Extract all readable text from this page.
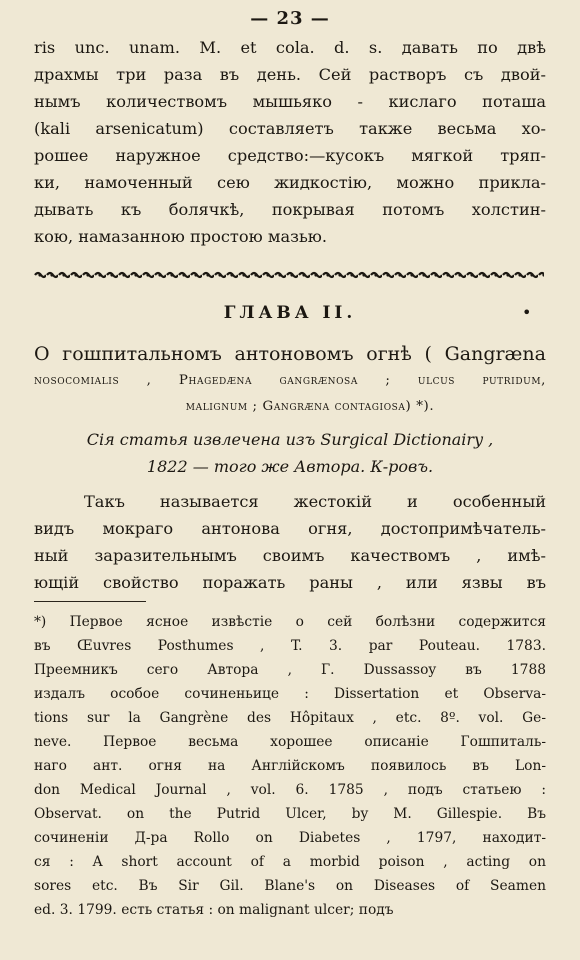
— 23 —
ris unc. unam. M. et cola. d. s. давать по двѣ
драхмы три раза въ день. Сей растворъ съ двой-
нымъ количествомъ мышьяко - кислаго поташа
(kali arsenicatum) составляетъ также весьма хо-
рошее наружное средство:—кусокъ мягкой тряп-
ки, намоченный сею жидкостію, можно прикла-
дывать къ болячкѣ, покрывая потомъ холстин-
кою, намазанною простою мазью.
ГЛАВА II.	•
О гошпитальномъ антоновомъ огнѣ ( Gangræna
nosocomialis , Phagedæna gangrænosa ; ulcus putridum,
malignum ; Gangræna contagiosa) *).
Сія статья извлечена изъ Surgical Dictionairy ,
1822 — того же Автора. К-ровъ.
Такъ называется жестокій и особенный
видъ мокраго антонова огня, достопримѣчатель-
ный заразительнымъ своимъ качествомъ , имѣ-
ющій свойство поражать раны , или язвы въ
*) Первое ясное извѣстіе о сей болѣзни содержится
въ Œuvres Posthumes , T. 3. par Pouteau. 1783.
Преемникъ сего Автора , Г. Dussassoy въ 1788
издалъ особое сочиненьице : Dissertation et Observa-
tions sur la Gangrène des Hôpitaux , etc. 8º. vol. Ge-
neve. Первое весьма хорошее описаніе Гошпиталь-
наго ант. огня на Англійскомъ появилось въ Lon-
don Medical Journal , vol. 6. 1785 , подъ статьею :
Observat. on the Putrid Ulcer, by M. Gillespie. Въ
сочиненіи Д-ра Rollo on Diabetes , 1797, находит-
ся : A short account of a morbid poison , acting on
sores etc. Въ Sir Gil. Blane's on Diseases of Seamen
ed. 3. 1799. есть статья : on malignant ulcer; подъ
